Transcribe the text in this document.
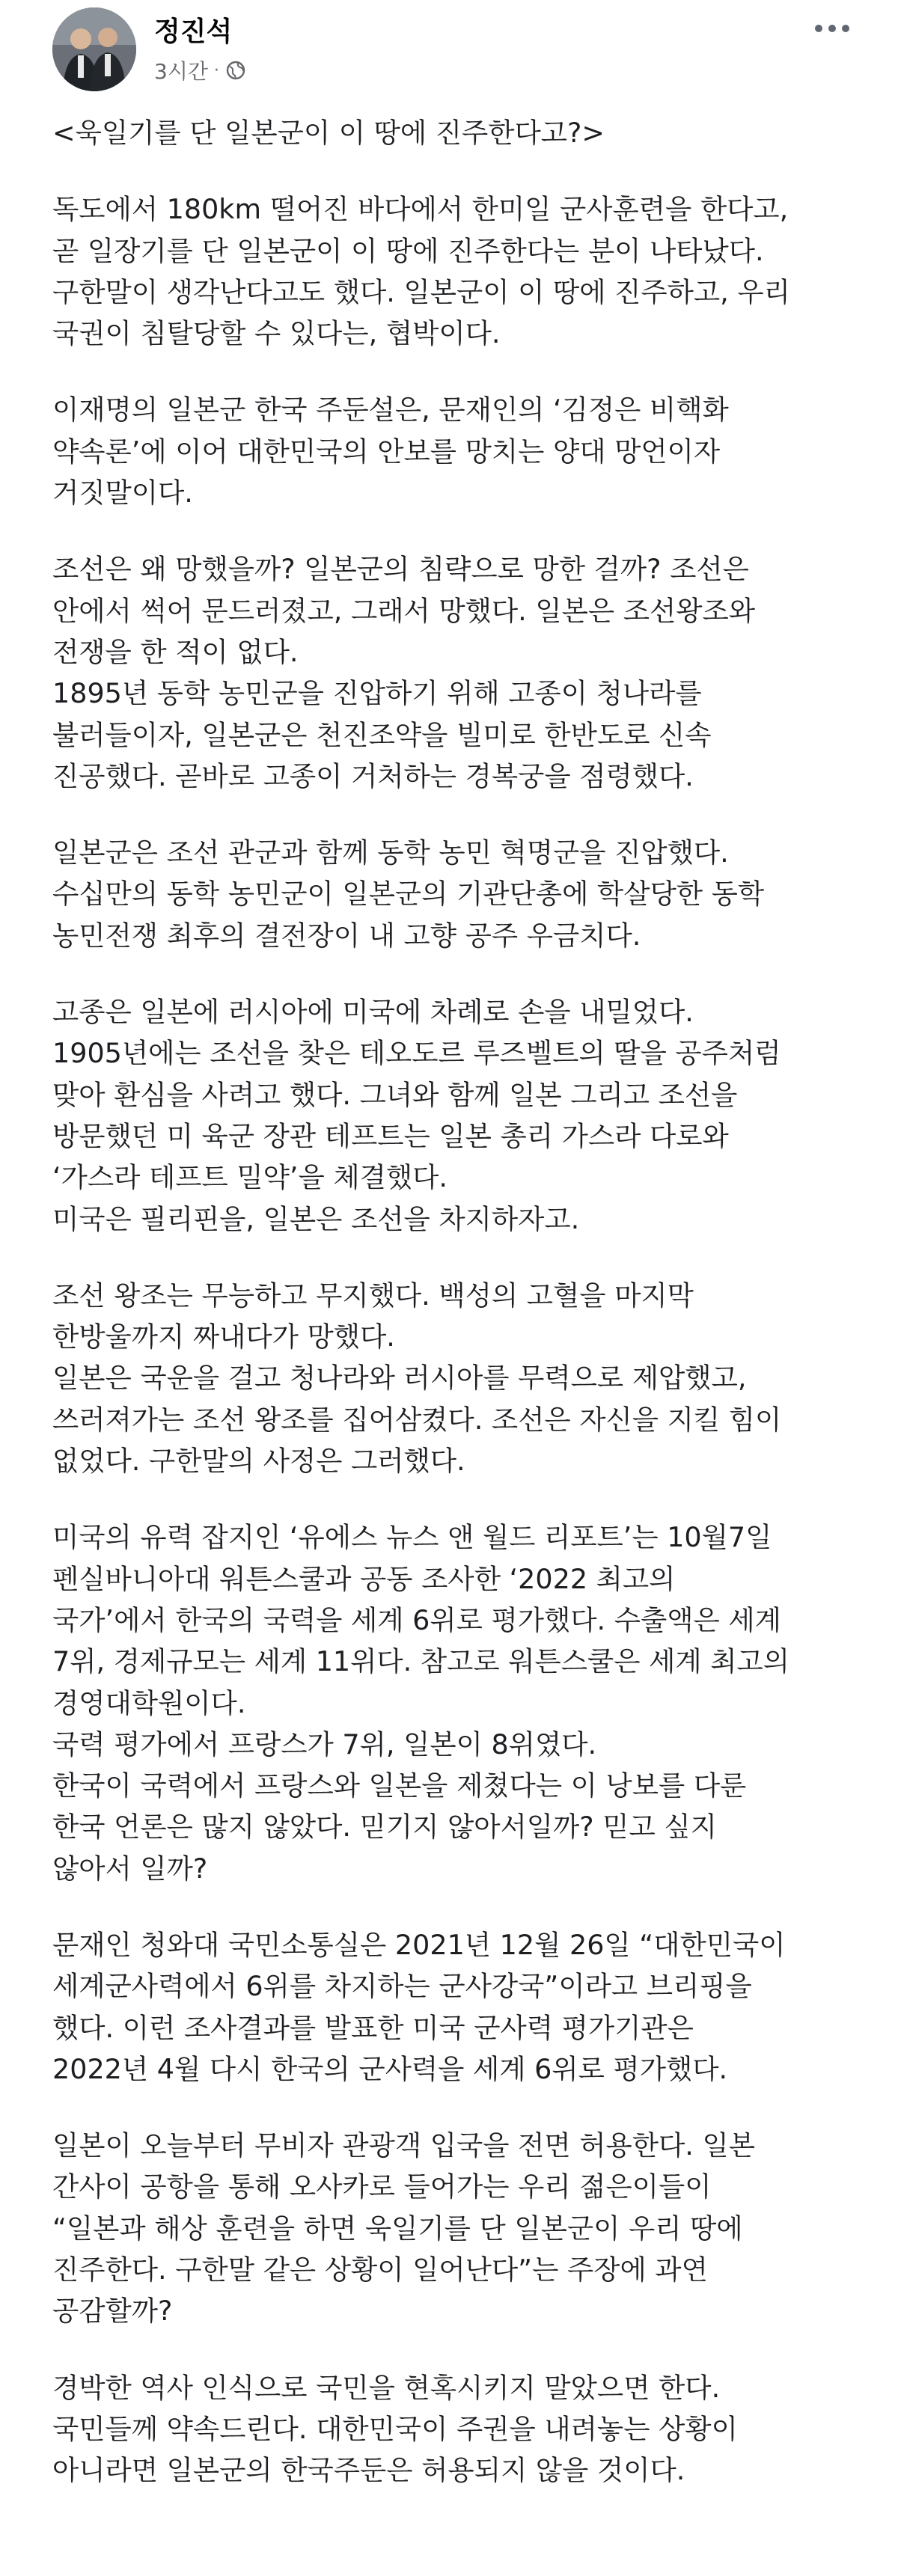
정진석
3시간 ·
<욱일기를 단 일본군이 이 땅에 진주한다고?>
독도에서 180km 떨어진 바다에서 한미일 군사훈련을 한다고,
곧 일장기를 단 일본군이 이 땅에 진주한다는 분이 나타났다.
구한말이 생각난다고도 했다. 일본군이 이 땅에 진주하고, 우리
국권이 침탈당할 수 있다는, 협박이다.
이재명의 일본군 한국 주둔설은, 문재인의 ‘김정은 비핵화
약속론’에 이어 대한민국의 안보를 망치는 양대 망언이자
거짓말이다.
조선은 왜 망했을까? 일본군의 침략으로 망한 걸까? 조선은
안에서 썩어 문드러졌고, 그래서 망했다. 일본은 조선왕조와
전쟁을 한 적이 없다.
1895년 동학 농민군을 진압하기 위해 고종이 청나라를
불러들이자, 일본군은 천진조약을 빌미로 한반도로 신속
진공했다. 곧바로 고종이 거처하는 경복궁을 점령했다.
일본군은 조선 관군과 함께 동학 농민 혁명군을 진압했다.
수십만의 동학 농민군이 일본군의 기관단총에 학살당한 동학
농민전쟁 최후의 결전장이 내 고향 공주 우금치다.
고종은 일본에 러시아에 미국에 차례로 손을 내밀었다.
1905년에는 조선을 찾은 테오도르 루즈벨트의 딸을 공주처럼
맞아 환심을 사려고 했다. 그녀와 함께 일본 그리고 조선을
방문했던 미 육군 장관 테프트는 일본 총리 가스라 다로와
‘가스라 테프트 밀약’을 체결했다.
미국은 필리핀을, 일본은 조선을 차지하자고.
조선 왕조는 무능하고 무지했다. 백성의 고혈을 마지막
한방울까지 짜내다가 망했다.
일본은 국운을 걸고 청나라와 러시아를 무력으로 제압했고,
쓰러져가는 조선 왕조를 집어삼켰다. 조선은 자신을 지킬 힘이
없었다. 구한말의 사정은 그러했다.
미국의 유력 잡지인 ‘유에스 뉴스 앤 월드 리포트’는 10월7일
펜실바니아대 워튼스쿨과 공동 조사한 ‘2022 최고의
국가’에서 한국의 국력을 세계 6위로 평가했다. 수출액은 세계
7위, 경제규모는 세계 11위다. 참고로 워튼스쿨은 세계 최고의
경영대학원이다.
국력 평가에서 프랑스가 7위, 일본이 8위였다.
한국이 국력에서 프랑스와 일본을 제쳤다는 이 낭보를 다룬
한국 언론은 많지 않았다. 믿기지 않아서일까? 믿고 싶지
않아서 일까?
문재인 청와대 국민소통실은 2021년 12월 26일 “대한민국이
세계군사력에서 6위를 차지하는 군사강국”이라고 브리핑을
했다. 이런 조사결과를 발표한 미국 군사력 평가기관은
2022년 4월 다시 한국의 군사력을 세계 6위로 평가했다.
일본이 오늘부터 무비자 관광객 입국을 전면 허용한다. 일본
간사이 공항을 통해 오사카로 들어가는 우리 젊은이들이
“일본과 해상 훈련을 하면 욱일기를 단 일본군이 우리 땅에
진주한다. 구한말 같은 상황이 일어난다”는 주장에 과연
공감할까?
경박한 역사 인식으로 국민을 현혹시키지 말았으면 한다.
국민들께 약속드린다. 대한민국이 주권을 내려놓는 상황이
아니라면 일본군의 한국주둔은 허용되지 않을 것이다.
